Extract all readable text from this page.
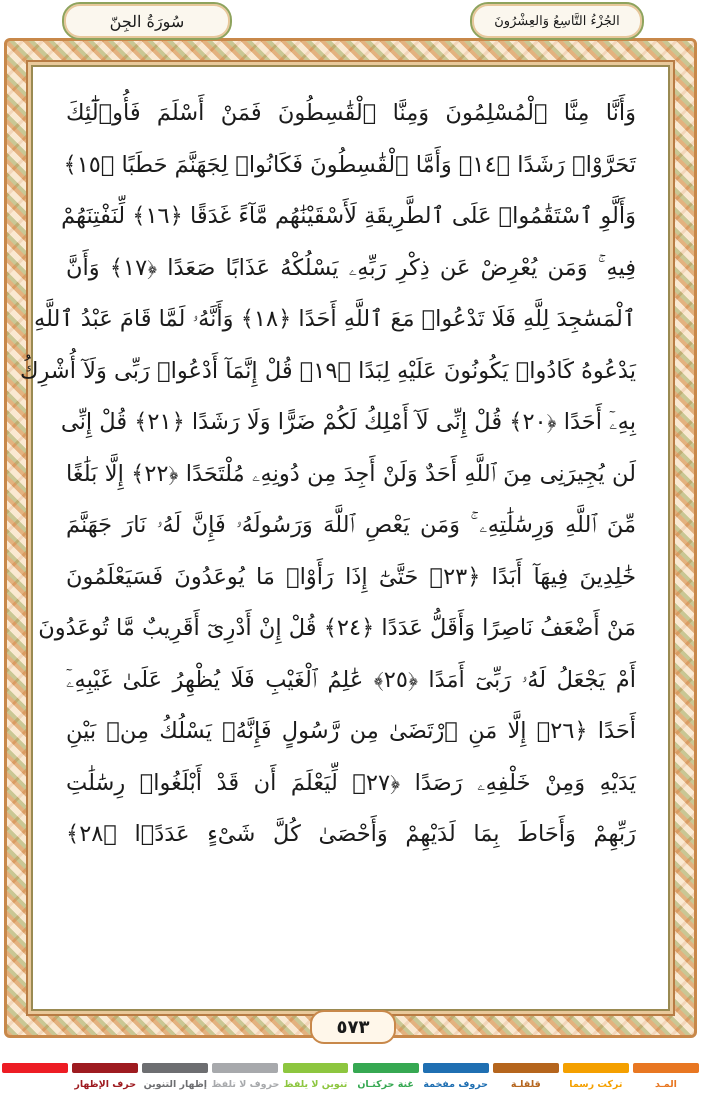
سُورَةُ الجِنّ	الجُزْءُ التَّاسِعُ وَالعِشْرُونَ
وَأَنَّا مِنَّا ٱلْمُسْلِمُونَ وَمِنَّا ٱلْقَٰسِطُونَ فَمَنْ أَسْلَمَ فَأُو۟لَٰٓئِكَ
تَحَرَّوْا۟ رَشَدًا ﴿١٤﴾ وَأَمَّا ٱلْقَٰسِطُونَ فَكَانُوا۟ لِجَهَنَّمَ حَطَبًا ﴿١٥﴾
وَأَلَّوِ ٱسْتَقَٰمُوا۟ عَلَى ٱلطَّرِيقَةِ لَأَسْقَيْنَٰهُم مَّآءً غَدَقًا ﴿١٦﴾ لِّنَفْتِنَهُمْ
فِيهِ ۚ وَمَن يُعْرِضْ عَن ذِكْرِ رَبِّهِۦ يَسْلُكْهُ عَذَابًا صَعَدًا ﴿١٧﴾ وَأَنَّ
ٱلْمَسَٰجِدَ لِلَّهِ فَلَا تَدْعُوا۟ مَعَ ٱللَّهِ أَحَدًا ﴿١٨﴾ وَأَنَّهُۥ لَمَّا قَامَ عَبْدُ ٱللَّهِ
يَدْعُوهُ كَادُوا۟ يَكُونُونَ عَلَيْهِ لِبَدًا ﴿١٩﴾ قُلْ إِنَّمَآ أَدْعُوا۟ رَبِّى وَلَآ أُشْرِكُ
بِهِۦٓ أَحَدًا ﴿٢٠﴾ قُلْ إِنِّى لَآ أَمْلِكُ لَكُمْ ضَرًّا وَلَا رَشَدًا ﴿٢١﴾ قُلْ إِنِّى
لَن يُجِيرَنِى مِنَ ٱللَّهِ أَحَدٌ وَلَنْ أَجِدَ مِن دُونِهِۦ مُلْتَحَدًا ﴿٢٢﴾ إِلَّا بَلَٰغًا
مِّنَ ٱللَّهِ وَرِسَٰلَٰتِهِۦ ۚ وَمَن يَعْصِ ٱللَّهَ وَرَسُولَهُۥ فَإِنَّ لَهُۥ نَارَ جَهَنَّمَ
خَٰلِدِينَ فِيهَآ أَبَدًا ﴿٢٣﴾ حَتَّىٰٓ إِذَا رَأَوْا۟ مَا يُوعَدُونَ فَسَيَعْلَمُونَ
مَنْ أَضْعَفُ نَاصِرًا وَأَقَلُّ عَدَدًا ﴿٢٤﴾ قُلْ إِنْ أَدْرِىٓ أَقَرِيبٌ مَّا تُوعَدُونَ
أَمْ يَجْعَلُ لَهُۥ رَبِّىٓ أَمَدًا ﴿٢٥﴾ عَٰلِمُ ٱلْغَيْبِ فَلَا يُظْهِرُ عَلَىٰ غَيْبِهِۦٓ
أَحَدًا ﴿٢٦﴾ إِلَّا مَنِ ٱرْتَضَىٰ مِن رَّسُولٍ فَإِنَّهُۥ يَسْلُكُ مِنۢ بَيْنِ
يَدَيْهِ وَمِنْ خَلْفِهِۦ رَصَدًا ﴿٢٧﴾ لِّيَعْلَمَ أَن قَدْ أَبْلَغُوا۟ رِسَٰلَٰتِ
رَبِّهِمْ وَأَحَاطَ بِمَا لَدَيْهِمْ وَأَحْصَىٰ كُلَّ شَىْءٍ عَدَدًۢا ﴿٢٨﴾
٥٧٣
المـد
تركت رسما
قلقلـة
حروف مفخمة
غنة حركتـان
تنوين لا يلفظ
حروف لا تلفظ
إظهار التنوين
حرف الإظهار
